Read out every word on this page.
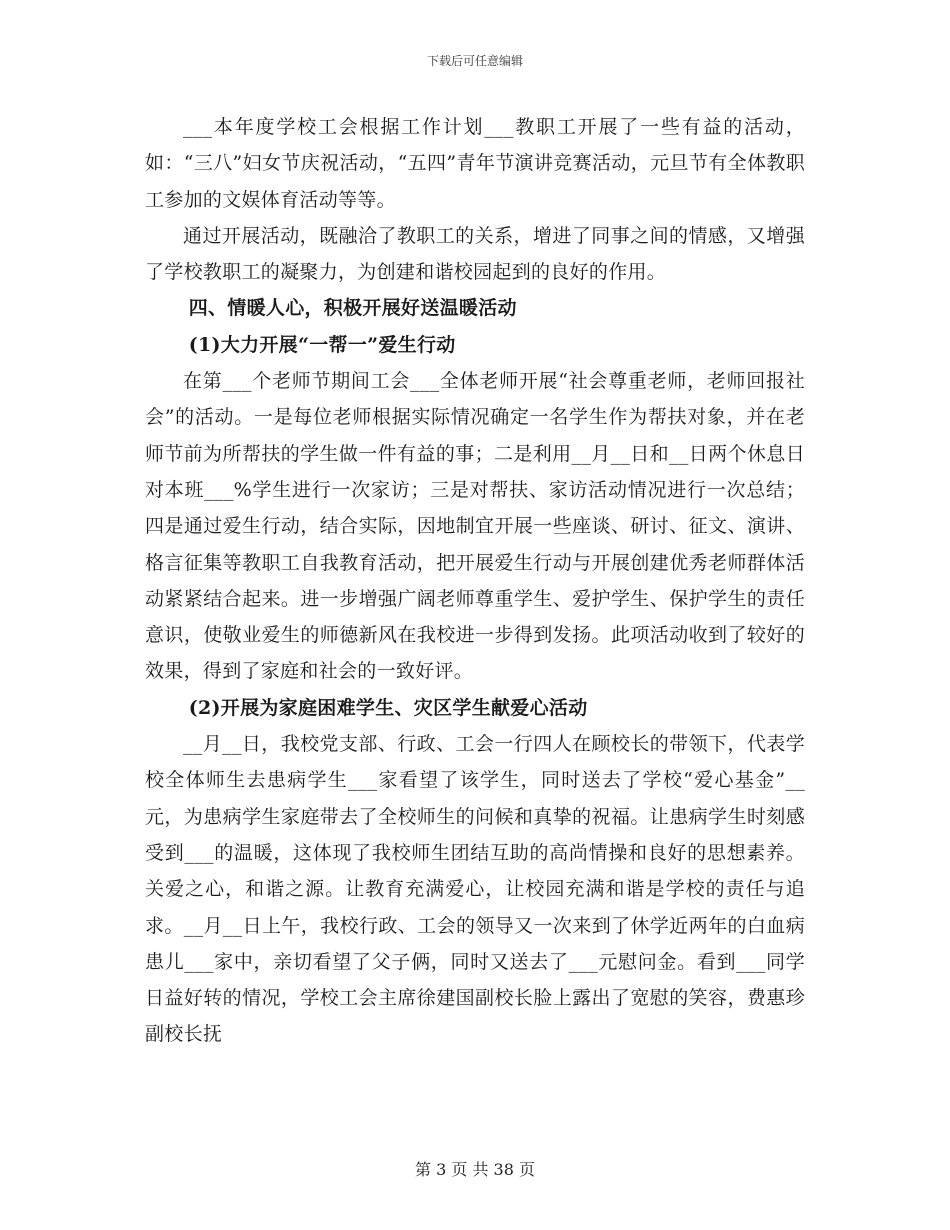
下载后可任意编辑

___本年度学校工会根据工作计划___教职工开展了一些有益的活动，如：“三八”妇女节庆祝活动，“五四”青年节演讲竞赛活动，元旦节有全体教职工参加的文娱体育活动等等。

通过开展活动，既融洽了教职工的关系，增进了同事之间的情感，又增强了学校教职工的凝聚力，为创建和谐校园起到的良好的作用。

四、情暖人心，积极开展好送温暖活动

(1)大力开展“一帮一”爱生行动

在第___个老师节期间工会___全体老师开展“社会尊重老师，老师回报社会”的活动。一是每位老师根据实际情况确定一名学生作为帮扶对象，并在老师节前为所帮扶的学生做一件有益的事；二是利用__月__日和__日两个休息日对本班___%学生进行一次家访；三是对帮扶、家访活动情况进行一次总结；四是通过爱生行动，结合实际，因地制宜开展一些座谈、研讨、征文、演讲、格言征集等教职工自我教育活动，把开展爱生行动与开展创建优秀老师群体活动紧紧结合起来。进一步增强广阔老师尊重学生、爱护学生、保护学生的责任意识，使敬业爱生的师德新风在我校进一步得到发扬。此项活动收到了较好的效果，得到了家庭和社会的一致好评。

(2)开展为家庭困难学生、灾区学生献爱心活动

__月__日，我校党支部、行政、工会一行四人在顾校长的带领下，代表学校全体师生去患病学生___家看望了该学生，同时送去了学校“爱心基金”__元，为患病学生家庭带去了全校师生的问候和真挚的祝福。让患病学生时刻感受到___的温暖，这体现了我校师生团结互助的高尚情操和良好的思想素养。关爱之心，和谐之源。让教育充满爱心，让校园充满和谐是学校的责任与追求。__月__日上午，我校行政、工会的领导又一次来到了休学近两年的白血病患儿___家中，亲切看望了父子俩，同时又送去了___元慰问金。看到___同学日益好转的情况，学校工会主席徐建国副校长脸上露出了宽慰的笑容，费惠珍副校长抚

第 3 页 共 38 页
